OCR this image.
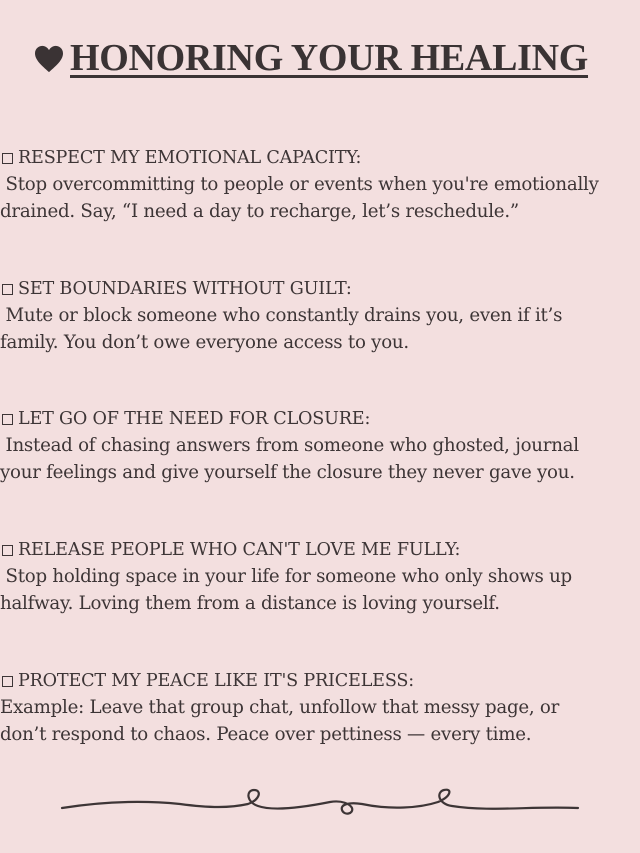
HONORING YOUR HEALING
RESPECT MY EMOTIONAL CAPACITY:
Stop overcommitting to people or events when you're emotionally
drained. Say, “I need a day to recharge, let’s reschedule.”
SET BOUNDARIES WITHOUT GUILT:
Mute or block someone who constantly drains you, even if it’s
family. You don’t owe everyone access to you.
LET GO OF THE NEED FOR CLOSURE:
Instead of chasing answers from someone who ghosted, journal
your feelings and give yourself the closure they never gave you.
RELEASE PEOPLE WHO CAN'T LOVE ME FULLY:
Stop holding space in your life for someone who only shows up
halfway. Loving them from a distance is loving yourself.
PROTECT MY PEACE LIKE IT'S PRICELESS:
Example: Leave that group chat, unfollow that messy page, or
don’t respond to chaos. Peace over pettiness — every time.
